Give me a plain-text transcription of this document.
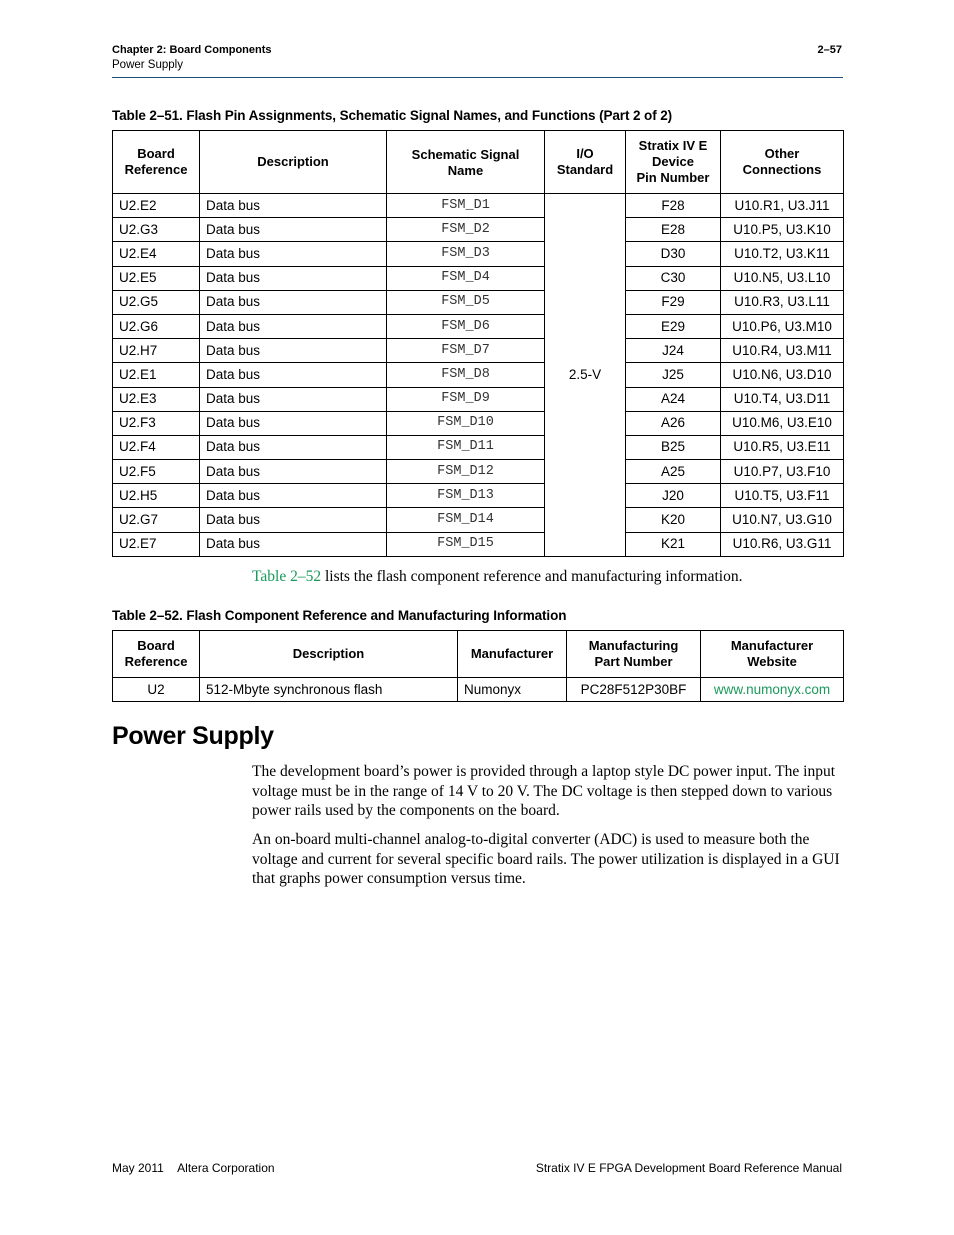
Chapter 2: Board Components
Power Supply
2–57
Table 2–51. Flash Pin Assignments, Schematic Signal Names, and Functions (Part 2 of 2)
Board
Reference	Description	Schematic Signal Name	I/O
Standard	Stratix IV E
Device
Pin Number	Other
Connections
U2.E2	Data bus	FSM_D1	2.5-V	F28	U10.R1, U3.J11
U2.G3	Data bus	FSM_D2		E28	U10.P5, U3.K10
U2.E4	Data bus	FSM_D3		D30	U10.T2, U3.K11
U2.E5	Data bus	FSM_D4		C30	U10.N5, U3.L10
U2.G5	Data bus	FSM_D5		F29	U10.R3, U3.L11
U2.G6	Data bus	FSM_D6		E29	U10.P6, U3.M10
U2.H7	Data bus	FSM_D7		J24	U10.R4, U3.M11
U2.E1	Data bus	FSM_D8		J25	U10.N6, U3.D10
U2.E3	Data bus	FSM_D9		A24	U10.T4, U3.D11
U2.F3	Data bus	FSM_D10		A26	U10.M6, U3.E10
U2.F4	Data bus	FSM_D11		B25	U10.R5, U3.E11
U2.F5	Data bus	FSM_D12		A25	U10.P7, U3.F10
U2.H5	Data bus	FSM_D13		J20	U10.T5, U3.F11
U2.G7	Data bus	FSM_D14		K20	U10.N7, U3.G10
U2.E7	Data bus	FSM_D15		K21	U10.R6, U3.G11
Table 2–52 lists the flash component reference and manufacturing information.
Table 2–52. Flash Component Reference and Manufacturing Information
Board
Reference	Description	Manufacturer	Manufacturing
Part Number	Manufacturer
Website
U2	512-Mbyte synchronous flash	Numonyx	PC28F512P30BF	www.numonyx.com
Power Supply

The development board’s power is provided through a laptop style DC power input. The input voltage must be in the range of 14 V to 20 V. The DC voltage is then stepped down to various power rails used by the components on the board.

An on-board multi-channel analog-to-digital converter (ADC) is used to measure both the voltage and current for several specific board rails. The power utilization is displayed in a GUI that graphs power consumption versus time.

May 2011 Altera Corporation	Stratix IV E FPGA Development Board Reference Manual
